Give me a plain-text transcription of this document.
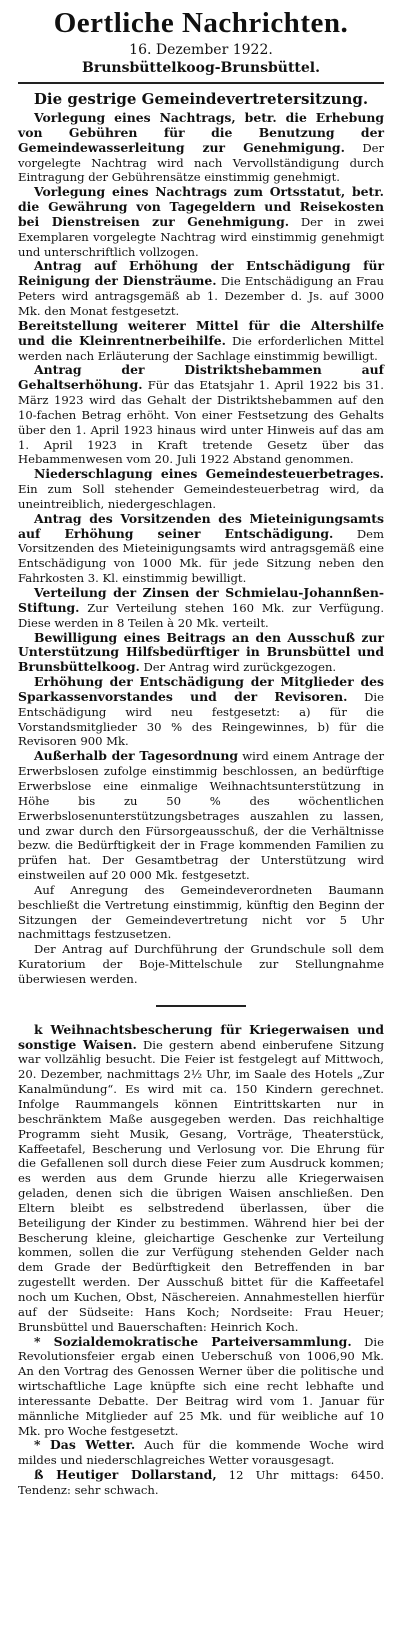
Oertliche Nachrichten.
16. Dezember 1922.
Brunsbüttelkoog-Brunsbüttel.
Die gestrige Gemeindevertretersitzung.

Vorlegung eines Nachtrags, betr. die Erhebung von Gebühren für die Benutzung der Gemeindewasserleitung zur Genehmigung. Der vorgelegte Nachtrag wird nach Vervollständigung durch Eintragung der Gebührensätze einstimmig genehmigt.

Vorlegung eines Nachtrags zum Ortsstatut, betr. die Gewährung von Tagegeldern und Reisekosten bei Dienstreisen zur Genehmigung. Der in zwei Exemplaren vorgelegte Nachtrag wird einstimmig genehmigt und unterschriftlich vollzogen.

Antrag auf Erhöhung der Entschädigung für Reinigung der Diensträume. Die Entschädigung an Frau Peters wird antragsgemäß ab 1. Dezember d. Js. auf 3000 Mk. den Monat festgesetzt.

Bereitstellung weiterer Mittel für die Altershilfe und die Kleinrentnerbeihilfe. Die erforderlichen Mittel werden nach Erläuterung der Sachlage einstimmig bewilligt.

Antrag der Distriktshebammen auf Gehaltserhöhung. Für das Etatsjahr 1. April 1922 bis 31. März 1923 wird das Gehalt der Distriktshebammen auf den 10-fachen Betrag erhöht. Von einer Festsetzung des Gehalts über den 1. April 1923 hinaus wird unter Hinweis auf das am 1. April 1923 in Kraft tretende Gesetz über das Hebammenwesen vom 20. Juli 1922 Abstand genommen.

Niederschlagung eines Gemeindesteuerbetrages. Ein zum Soll stehender Gemeindesteuerbetrag wird, da uneintreiblich, niedergeschlagen.

Antrag des Vorsitzenden des Mieteinigungsamts auf Erhöhung seiner Entschädigung. Dem Vorsitzenden des Mieteinigungsamts wird antragsgemäß eine Entschädigung von 1000 Mk. für jede Sitzung neben den Fahrkosten 3. Kl. einstimmig bewilligt.

Verteilung der Zinsen der Schmielau-Johannßen-Stiftung. Zur Verteilung stehen 160 Mk. zur Verfügung. Diese werden in 8 Teilen à 20 Mk. verteilt.

Bewilligung eines Beitrags an den Ausschuß zur Unterstützung Hilfsbedürftiger in Brunsbüttel und Brunsbüttelkoog. Der Antrag wird zurückgezogen.

Erhöhung der Entschädigung der Mitglieder des Sparkassenvorstandes und der Revisoren. Die Entschädigung wird neu festgesetzt: a) für die Vorstandsmitglieder 30 % des Reingewinnes, b) für die Revisoren 900 Mk.

Außerhalb der Tagesordnung wird einem Antrage der Erwerbslosen zufolge einstimmig beschlossen, an bedürftige Erwerbslose eine einmalige Weihnachtsunterstützung in Höhe bis zu 50 % des wöchentlichen Erwerbslosenunterstützungsbetrages auszahlen zu lassen, und zwar durch den Fürsorgeausschuß, der die Verhältnisse bezw. die Bedürftigkeit der in Frage kommenden Familien zu prüfen hat. Der Gesamtbetrag der Unterstützung wird einstweilen auf 20 000 Mk. festgesetzt.

Auf Anregung des Gemeindeverordneten Baumann beschließt die Vertretung einstimmig, künftig den Beginn der Sitzungen der Gemeindevertretung nicht vor 5 Uhr nachmittags festzusetzen.

Der Antrag auf Durchführung der Grundschule soll dem Kuratorium der Boje-Mittelschule zur Stellungnahme überwiesen werden.

k Weihnachtsbescherung für Kriegerwaisen und sonstige Waisen. Die gestern abend einberufene Sitzung war vollzählig besucht. Die Feier ist festgelegt auf Mittwoch, 20. Dezember, nachmittags 2½ Uhr, im Saale des Hotels „Zur Kanalmündung“. Es wird mit ca. 150 Kindern gerechnet. Infolge Raummangels können Eintrittskarten nur in beschränktem Maße ausgegeben werden. Das reichhaltige Programm sieht Musik, Gesang, Vorträge, Theaterstück, Kaffeetafel, Bescherung und Verlosung vor. Die Ehrung für die Gefallenen soll durch diese Feier zum Ausdruck kommen; es werden aus dem Grunde hierzu alle Kriegerwaisen geladen, denen sich die übrigen Waisen anschließen. Den Eltern bleibt es selbstredend überlassen, über die Beteiligung der Kinder zu bestimmen. Während hier bei der Bescherung kleine, gleichartige Geschenke zur Verteilung kommen, sollen die zur Verfügung stehenden Gelder nach dem Grade der Bedürftigkeit den Betreffenden in bar zugestellt werden. Der Ausschuß bittet für die Kaffeetafel noch um Kuchen, Obst, Näschereien. Annahmestellen hierfür auf der Südseite: Hans Koch; Nordseite: Frau Heuer; Brunsbüttel und Bauerschaften: Heinrich Koch.

* Sozialdemokratische Parteiversammlung. Die Revolutionsfeier ergab einen Ueberschuß von 1006,90 Mk. An den Vortrag des Genossen Werner über die politische und wirtschaftliche Lage knüpfte sich eine recht lebhafte und interessante Debatte. Der Beitrag wird vom 1. Januar für männliche Mitglieder auf 25 Mk. und für weibliche auf 10 Mk. pro Woche festgesetzt.

* Das Wetter. Auch für die kommende Woche wird mildes und niederschlagreiches Wetter vorausgesagt.

ß Heutiger Dollarstand, 12 Uhr mittags: 6450. Tendenz: sehr schwach.
